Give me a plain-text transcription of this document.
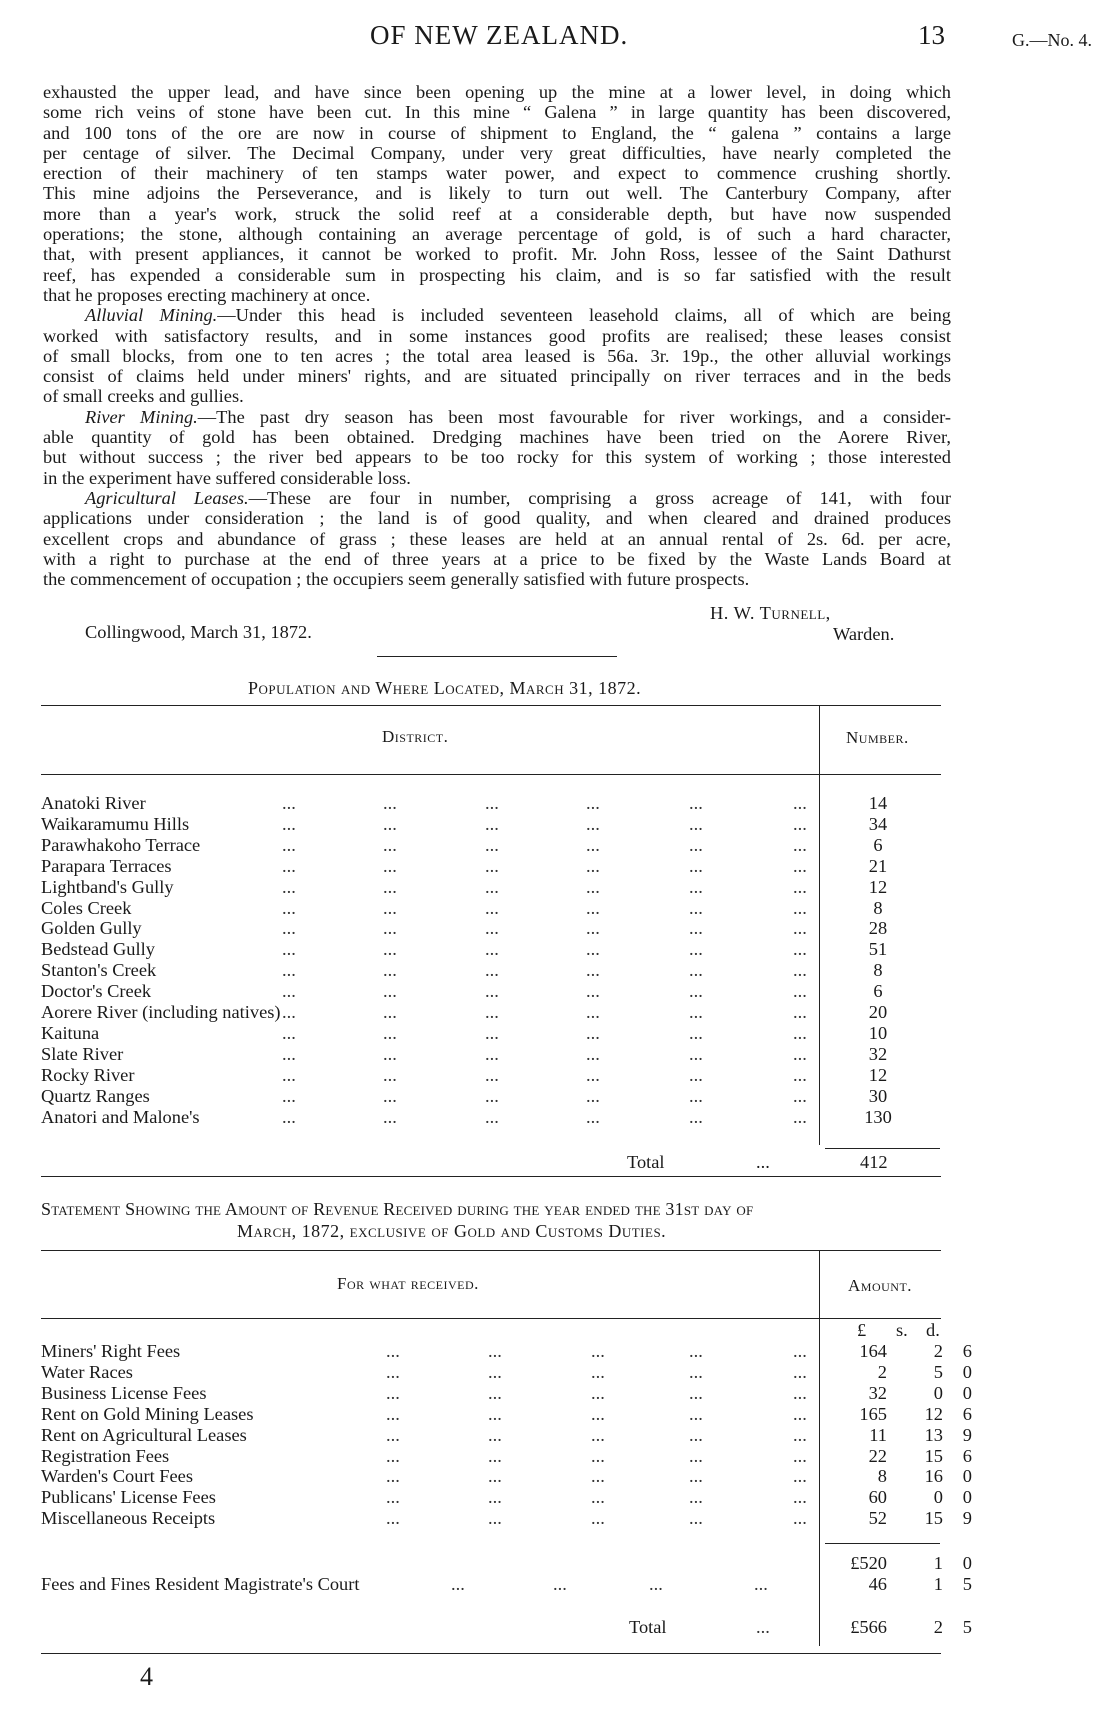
OF NEW ZEALAND.	13	G.—No. 4.
exhausted the upper lead, and have since been opening up the mine at a lower level, in doing which
some rich veins of stone have been cut. In this mine “ Galena ” in large quantity has been discovered,
and 100 tons of the ore are now in course of shipment to England, the “ galena ” contains a large
per centage of silver. The Decimal Company, under very great difficulties, have nearly completed the
erection of their machinery of ten stamps water power, and expect to commence crushing shortly.
This mine adjoins the Perseverance, and is likely to turn out well. The Canterbury Company, after
more than a year's work, struck the solid reef at a considerable depth, but have now suspended
operations; the stone, although containing an average percentage of gold, is of such a hard character,
that, with present appliances, it cannot be worked to profit. Mr. John Ross, lessee of the Saint Dathurst
reef, has expended a considerable sum in prospecting his claim, and is so far satisfied with the result
that he proposes erecting machinery at once.
Alluvial Mining.—Under this head is included seventeen leasehold claims, all of which are being
worked with satisfactory results, and in some instances good profits are realised; these leases consist
of small blocks, from one to ten acres ; the total area leased is 56a. 3r. 19p., the other alluvial workings
consist of claims held under miners' rights, and are situated principally on river terraces and in the beds
of small creeks and gullies.
River Mining.—The past dry season has been most favourable for river workings, and a consider-
able quantity of gold has been obtained. Dredging machines have been tried on the Aorere River,
but without success ; the river bed appears to be too rocky for this system of working ; those interested
in the experiment have suffered considerable loss.
Agricultural Leases.—These are four in number, comprising a gross acreage of 141, with four
applications under consideration ; the land is of good quality, and when cleared and drained produces
excellent crops and abundance of grass ; these leases are held at an annual rental of 2s. 6d. per acre,
with a right to purchase at the end of three years at a price to be fixed by the Waste Lands Board at
the commencement of occupation ; the occupiers seem generally satisfied with future prospects.
H. W. Turnell,
Collingwood, March 31, 1872.	Warden.
Population and Where Located, March 31, 1872.
District.	Number.
Anatoki River	...	...	...	...	...	...	14
Waikaramumu Hills	...	...	...	...	...	...	34
Parawhakoho Terrace	...	...	...	...	...	...	6
Parapara Terraces	...	...	...	...	...	...	21
Lightband's Gully	...	...	...	...	...	...	12
Coles Creek	...	...	...	...	...	...	8
Golden Gully	...	...	...	...	...	...	28
Bedstead Gully	...	...	...	...	...	...	51
Stanton's Creek	...	...	...	...	...	...	8
Doctor's Creek	...	...	...	...	...	...	6
Aorere River (including natives) ...	...	...	...	...	...	20
Kaituna	...	...	...	...	...	...	10
Slate River	...	...	...	...	...	...	32
Rocky River	...	...	...	...	...	...	12
Quartz Ranges	...	...	...	...	...	...	30
Anatori and Malone's	...	...	...	...	...	...	130
Total	...	412
Statement Showing the Amount of Revenue Received during the year ended the 31st day of
March, 1872, exclusive of Gold and Customs Duties.
For what received.	Amount.
£ s. d.
Miners' Right Fees	...	...	...	...	...	164	2	6
Water Races	...	...	...	...	...	2	5	0
Business License Fees	...	...	...	...	...	32	0	0
Rent on Gold Mining Leases	...	...	...	...	...	165	12	6
Rent on Agricultural Leases	...	...	...	...	...	11	13	9
Registration Fees	...	...	...	...	...	22	15	6
Warden's Court Fees	...	...	...	...	...	8	16	0
Publicans' License Fees	...	...	...	...	...	60	0	0
Miscellaneous Receipts	...	...	...	...	...	52	15	9
£520	1	0
Fees and Fines Resident Magistrate's Court	...	...	...	...	46	1	5
Total	...	£566	2	5
4
